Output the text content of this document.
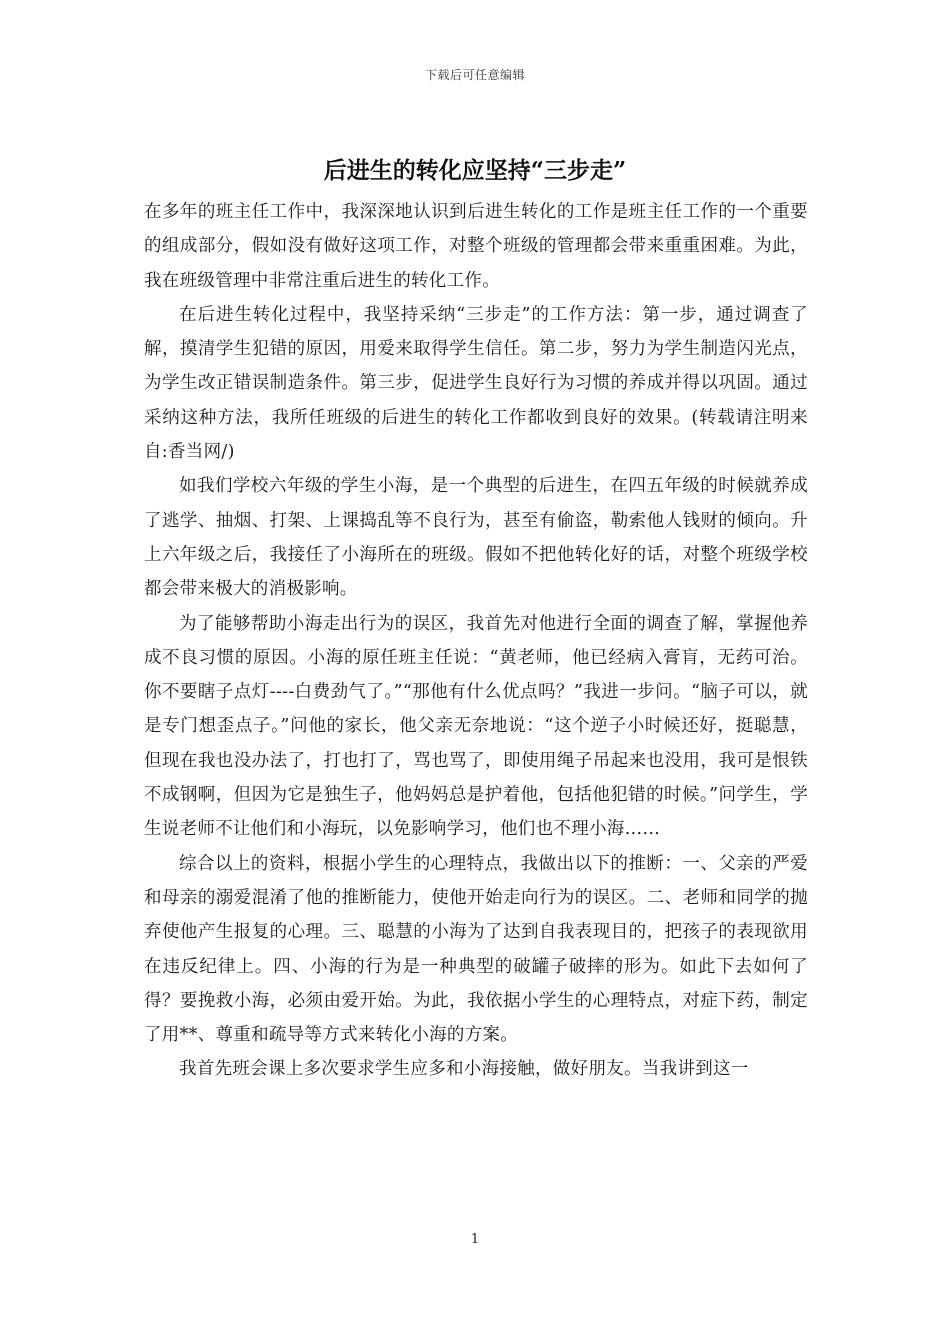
下载后可任意编辑
后进生的转化应坚持“三步走”

在多年的班主任工作中，我深深地认识到后进生转化的工作是班主任工作的一个重要的组成部分，假如没有做好这项工作，对整个班级的管理都会带来重重困难。为此，我在班级管理中非常注重后进生的转化工作。

在后进生转化过程中，我坚持采纳“三步走”的工作方法：第一步，通过调查了解，摸清学生犯错的原因，用爱来取得学生信任。第二步，努力为学生制造闪光点，为学生改正错误制造条件。第三步，促进学生良好行为习惯的养成并得以巩固。通过采纳这种方法，我所任班级的后进生的转化工作都收到良好的效果。(转载请注明来自:香当网/)

如我们学校六年级的学生小海，是一个典型的后进生，在四五年级的时候就养成了逃学、抽烟、打架、上课捣乱等不良行为，甚至有偷盗，勒索他人钱财的倾向。升上六年级之后，我接任了小海所在的班级。假如不把他转化好的话，对整个班级学校都会带来极大的消极影响。

为了能够帮助小海走出行为的误区，我首先对他进行全面的调查了解，掌握他养成不良习惯的原因。小海的原任班主任说：“黄老师，他已经病入膏肓，无药可治。你不要瞎子点灯----白费劲气了。”“那他有什么优点吗？”我进一步问。“脑子可以，就是专门想歪点子。”问他的家长，他父亲无奈地说：“这个逆子小时候还好，挺聪慧，但现在我也没办法了，打也打了，骂也骂了，即使用绳子吊起来也没用，我可是恨铁不成钢啊，但因为它是独生子，他妈妈总是护着他，包括他犯错的时候。”问学生，学生说老师不让他们和小海玩，以免影响学习，他们也不理小海……

综合以上的资料，根据小学生的心理特点，我做出以下的推断：一、父亲的严爱和母亲的溺爱混淆了他的推断能力，使他开始走向行为的误区。二、老师和同学的抛弃使他产生报复的心理。三、聪慧的小海为了达到自我表现目的，把孩子的表现欲用在违反纪律上。四、小海的行为是一种典型的破罐子破摔的形为。如此下去如何了得？要挽救小海，必须由爱开始。为此，我依据小学生的心理特点，对症下药，制定了用**、尊重和疏导等方式来转化小海的方案。

我首先班会课上多次要求学生应多和小海接触，做好朋友。当我讲到这一

1
